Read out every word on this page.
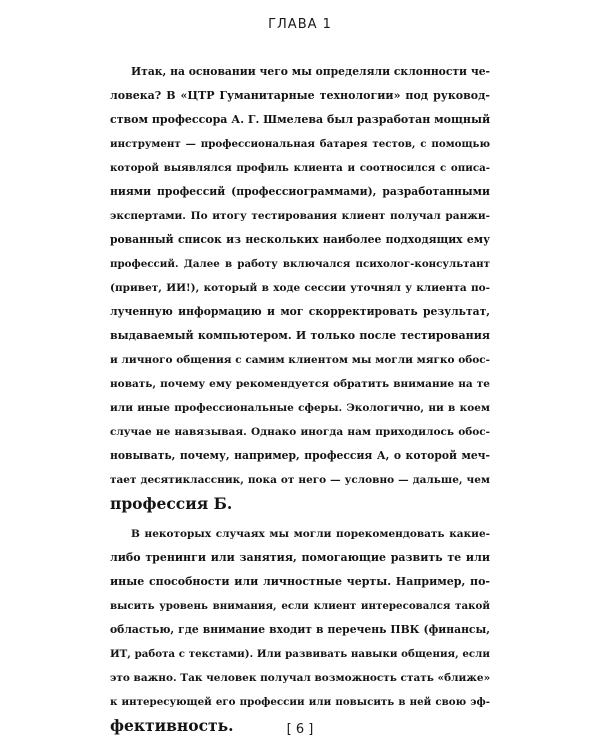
ГЛАВА 1
Итак, на основании чего мы определяли склонности че-
ловека? В «ЦТР Гуманитарные технологии» под руковод-
ством профессора А. Г. Шмелева был разработан мощный
инструмент — профессиональная батарея тестов, с помощью
которой выявлялся профиль клиента и соотносился с описа-
ниями профессий (профессиограммами), разработанными
экспертами. По итогу тестирования клиент получал ранжи-
рованный список из нескольких наиболее подходящих ему
профессий. Далее в работу включался психолог-консультант
(привет, ИИ!), который в ходе сессии уточнял у клиента по-
лученную информацию и мог скорректировать результат,
выдаваемый компьютером. И только после тестирования
и личного общения с самим клиентом мы могли мягко обос-
новать, почему ему рекомендуется обратить внимание на те
или иные профессиональные сферы. Экологично, ни в коем
случае не навязывая. Однако иногда нам приходилось обос-
новывать, почему, например, профессия А, о которой меч-
тает десятиклассник, пока от него — условно — дальше, чем
профессия Б.
В некоторых случаях мы могли порекомендовать какие-
либо тренинги или занятия, помогающие развить те или
иные способности или личностные черты. Например, по-
высить уровень внимания, если клиент интересовался такой
областью, где внимание входит в перечень ПВК (финансы,
ИТ, работа с текстами). Или развивать навыки общения, если
это важно. Так человек получал возможность стать «ближе»
к интересующей его профессии или повысить в ней свою эф-
фективность.	[ 6 ]
